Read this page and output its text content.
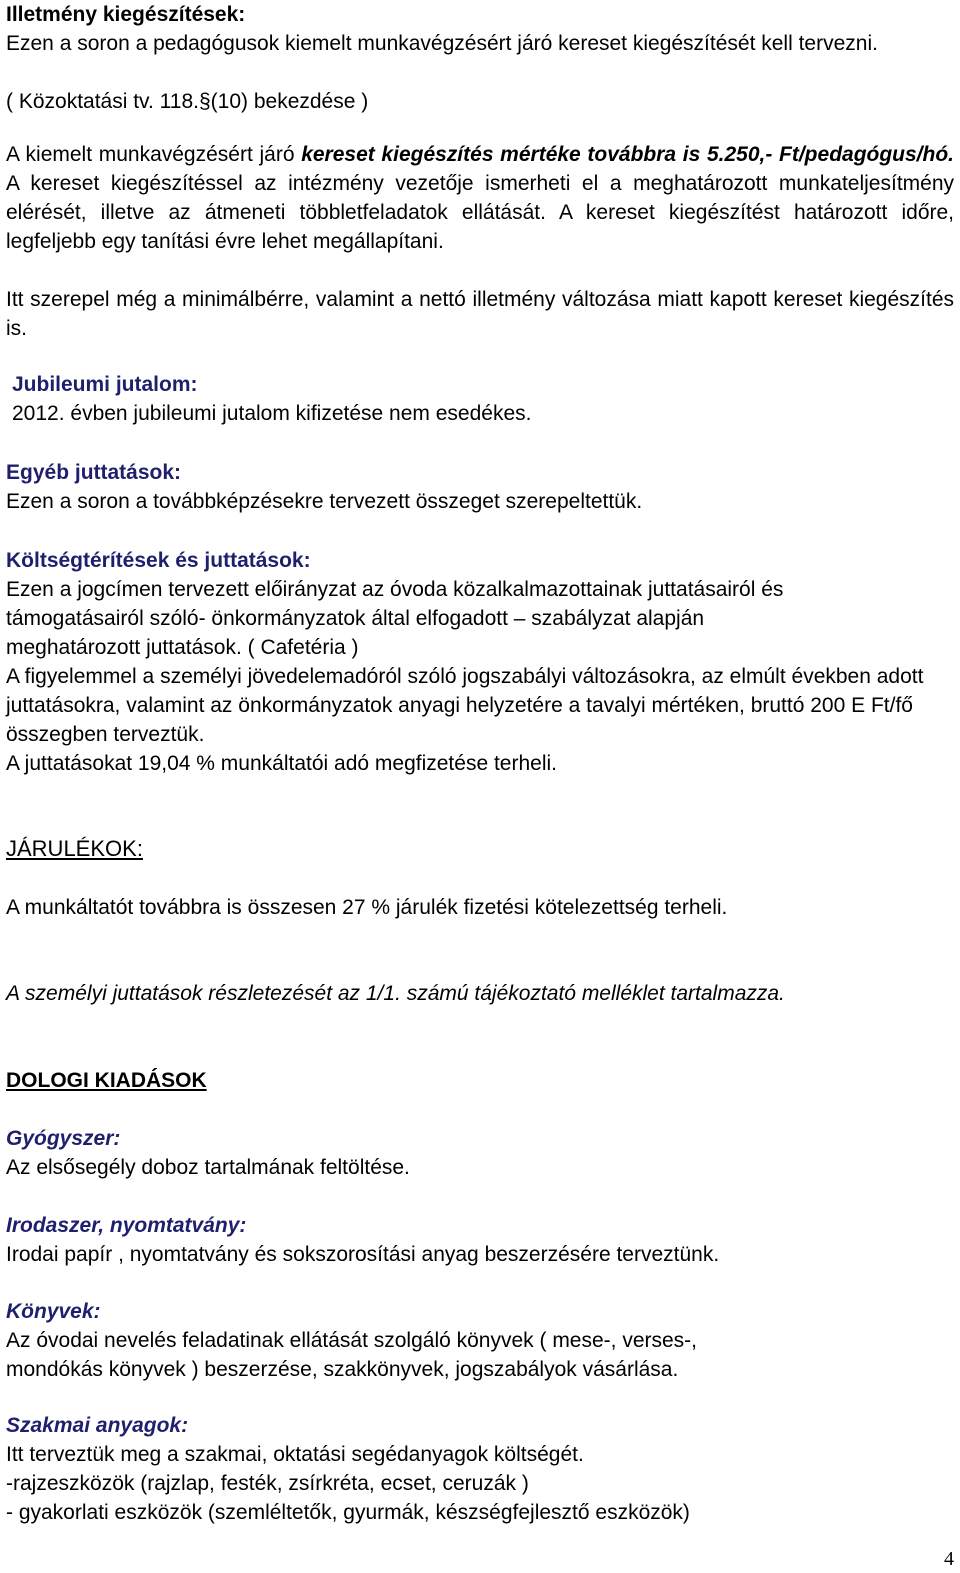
Illetmény kiegészítések:

Ezen a soron a pedagógusok kiemelt munkavégzésért járó kereset kiegészítését kell tervezni.

( Közoktatási tv. 118.§(10) bekezdése )

A kiemelt munkavégzésért járó kereset kiegészítés mértéke továbbra is 5.250,- Ft/pedagógus/hó. A kereset kiegészítéssel az intézmény vezetője ismerheti el a meghatározott munkateljesítmény elérését, illetve az átmeneti többletfeladatok ellátását. A kereset kiegészítést határozott időre, legfeljebb egy tanítási évre lehet megállapítani.

Itt szerepel még a minimálbérre, valamint a nettó illetmény változása miatt kapott kereset kiegészítés is.

Jubileumi jutalom:

2012. évben jubileumi jutalom kifizetése nem esedékes.

Egyéb juttatások:

Ezen a soron a továbbképzésekre tervezett összeget szerepeltettük.

Költségtérítések és juttatások:

Ezen a jogcímen tervezett előirányzat az óvoda közalkalmazottainak juttatásairól és

támogatásairól szóló- önkormányzatok által elfogadott – szabályzat alapján

meghatározott juttatások. ( Cafetéria )

A figyelemmel a személyi jövedelemadóról szóló jogszabályi változásokra, az elmúlt években adott juttatásokra, valamint az önkormányzatok anyagi helyzetére a tavalyi mértéken, bruttó 200 E Ft/fő összegben terveztük.

A juttatásokat 19,04 % munkáltatói adó megfizetése terheli.

JÁRULÉKOK:

A munkáltatót továbbra is összesen 27 % járulék fizetési kötelezettség terheli.

A személyi juttatások részletezését az 1/1. számú tájékoztató melléklet tartalmazza.

DOLOGI KIADÁSOK
Gyógyszer:

Az elsősegély doboz tartalmának feltöltése.

Irodaszer, nyomtatvány:

Irodai papír , nyomtatvány és sokszorosítási anyag beszerzésére terveztünk.

Könyvek:

Az óvodai nevelés feladatinak ellátását szolgáló könyvek ( mese-, verses-,

mondókás könyvek ) beszerzése, szakkönyvek, jogszabályok vásárlása.

Szakmai anyagok:

Itt terveztük meg a szakmai, oktatási segédanyagok költségét.

-rajzeszközök (rajzlap, festék, zsírkréta, ecset, ceruzák )

- gyakorlati eszközök (szemléltetők, gyurmák, készségfejlesztő eszközök)

4
